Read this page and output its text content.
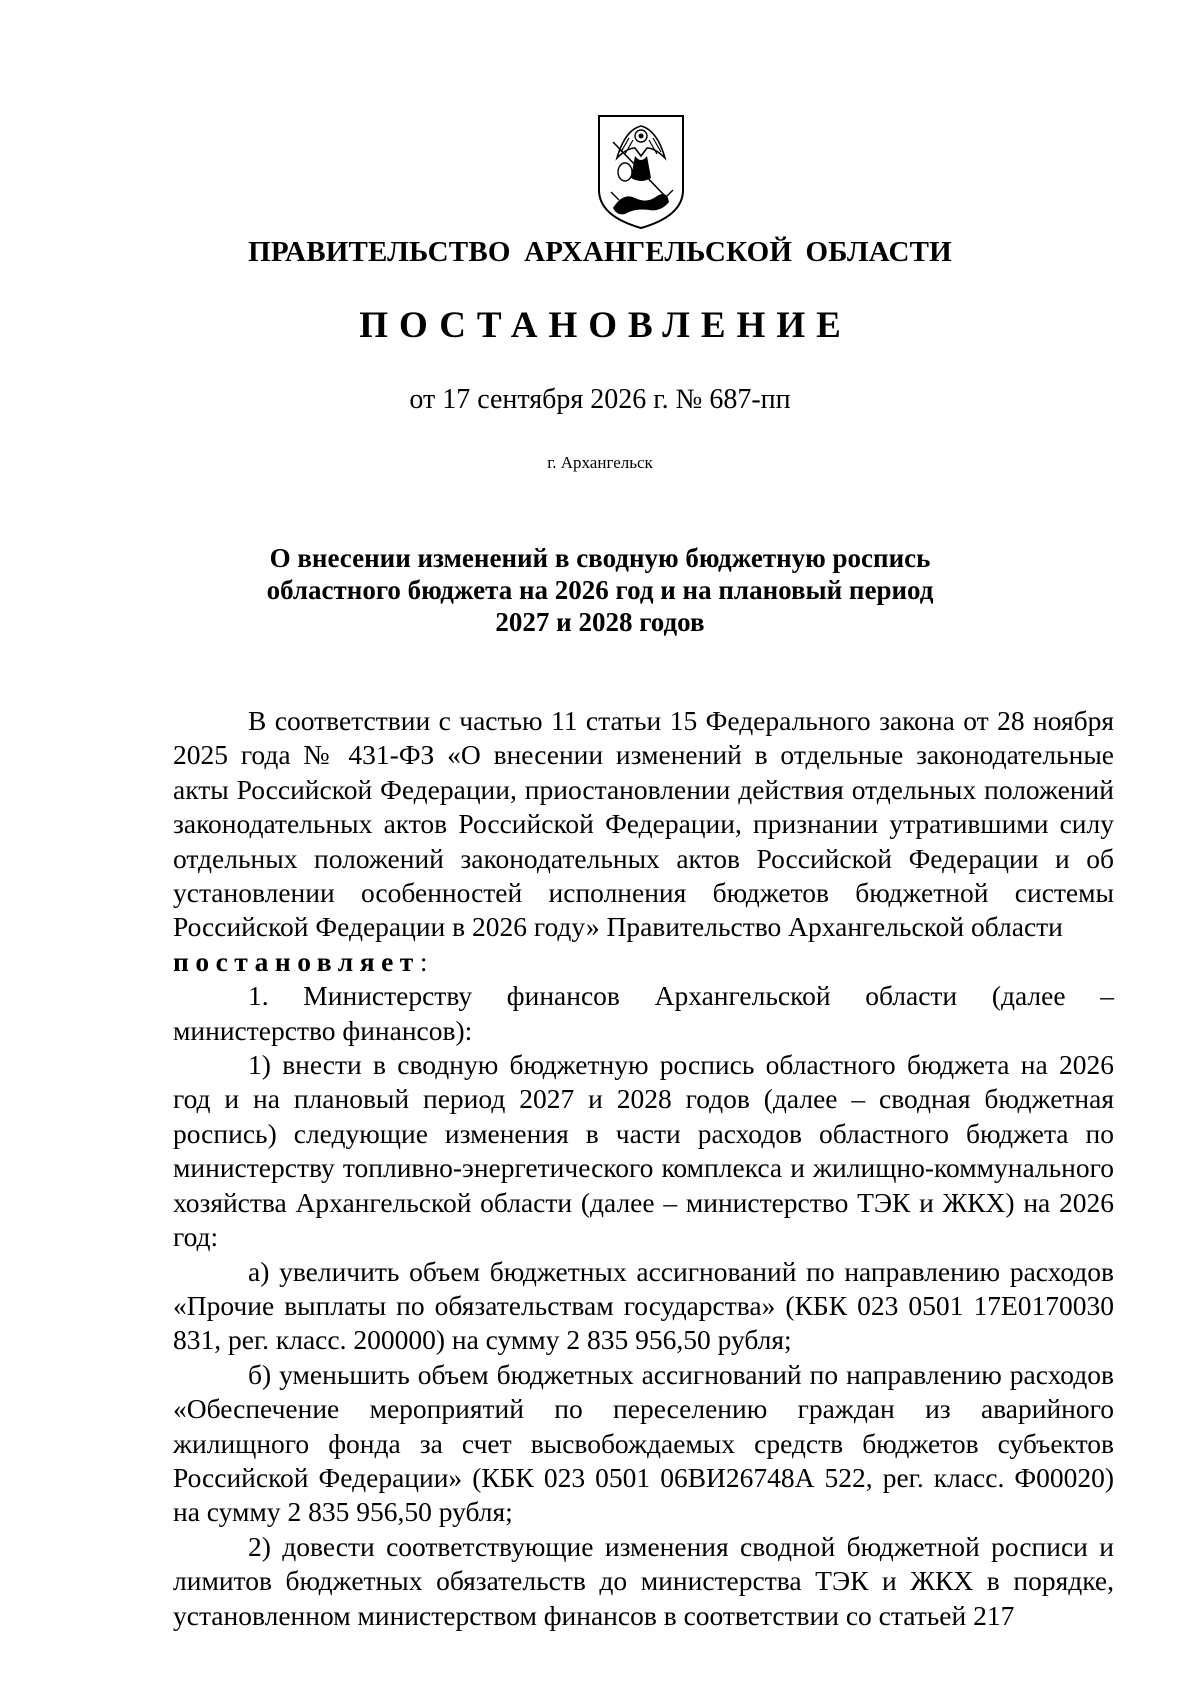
ПРАВИТЕЛЬСТВО АРХАНГЕЛЬСКОЙ ОБЛАСТИ
ПОСТАНОВЛЕНИЕ
от 17 сентября 2026 г. № 687-пп
г. Архангельск
О внесении изменений в сводную бюджетную роспись
областного бюджета на 2026 год и на плановый период
2027 и 2028 годов

В соответствии с частью 11 статьи 15 Федерального закона от 28 ноября 2025 года № 431-ФЗ «О внесении изменений в отдельные законодательные акты Российской Федерации, приостановлении действия отдельных положений законодательных актов Российской Федерации, признании утратившими силу отдельных положений законодательных актов Российской Федерации и об установлении особенностей исполнения бюджетов бюджетной системы Российской Федерации в 2026 году» Правительство Архангельской области

постановляет:

1. Министерству финансов Архангельской области (далее – министерство финансов):

1) внести в сводную бюджетную роспись областного бюджета на 2026 год и на плановый период 2027 и 2028 годов (далее – сводная бюджетная роспись) следующие изменения в части расходов областного бюджета по министерству топливно-энергетического комплекса и жилищно-коммунального хозяйства Архангельской области (далее – министерство ТЭК и ЖКХ) на 2026 год:

а) увеличить объем бюджетных ассигнований по направлению расходов «Прочие выплаты по обязательствам государства» (КБК 023 0501 17Е0170030 831, рег. класс. 200000) на сумму 2 835 956,50 рубля;

б) уменьшить объем бюджетных ассигнований по направлению расходов «Обеспечение мероприятий по переселению граждан из аварийного жилищного фонда за счет высвобождаемых средств бюджетов субъектов Российской Федерации» (КБК 023 0501 06ВИ26748А 522, рег. класс. Ф00020) на сумму 2 835 956,50 рубля;

2) довести соответствующие изменения сводной бюджетной росписи и лимитов бюджетных обязательств до министерства ТЭК и ЖКХ в порядке, установленном министерством финансов в соответствии со статьей 217
